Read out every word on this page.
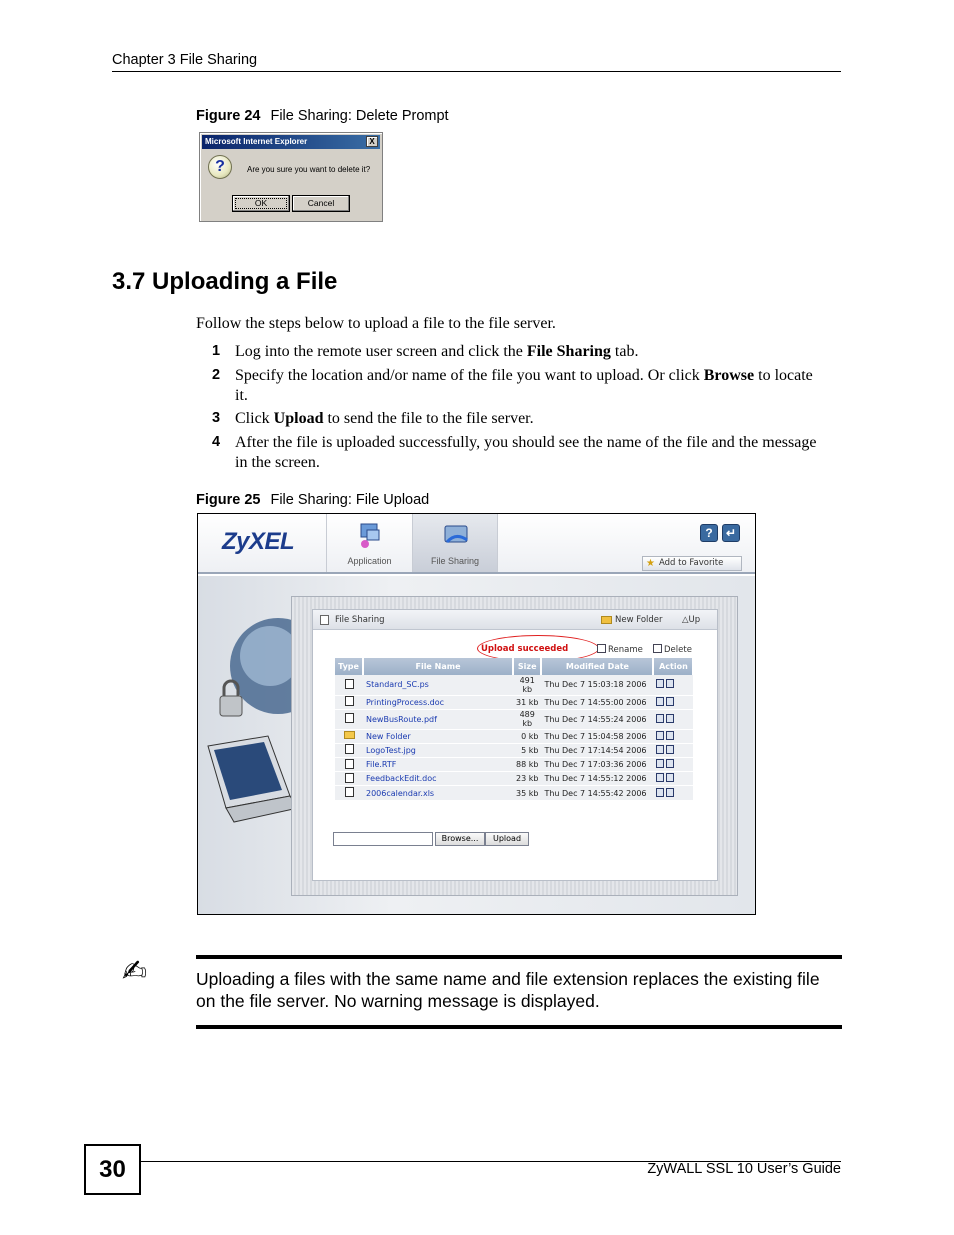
Chapter 3 File Sharing
Figure 24 File Sharing: Delete Prompt
Microsoft Internet Explorer	X
?	Are you sure you want to delete it?
OK	Cancel
3.7 Uploading a File
Follow the steps below to upload a file to the file server.
1 Log into the remote user screen and click the File Sharing tab.
2 Specify the location and/or name of the file you want to upload. Or click Browse to locate it.
3 Click Upload to send the file to the file server.
4 After the file is uploaded successfully, you should see the name of the file and the message in the screen.
Figure 25 File Sharing: File Upload
ZyXEL
Application	File Sharing
?	↵
★ Add to Favorite
File Sharing	New Folder △Up
Upload succeeded	Rename	Delete
Type	File Name	Size	Modified Date	Action
	Standard_SC.ps	491 kb	Thu Dec 7 15:03:18 2006	
	PrintingProcess.doc	31 kb	Thu Dec 7 14:55:00 2006	
	NewBusRoute.pdf	489 kb	Thu Dec 7 14:55:24 2006	
	New Folder	0 kb	Thu Dec 7 15:04:58 2006	
	LogoTest.jpg	5 kb	Thu Dec 7 17:14:54 2006	
	File.RTF	88 kb	Thu Dec 7 17:03:36 2006	
	FeedbackEdit.doc	23 kb	Thu Dec 7 14:55:12 2006	
	2006calendar.xls	35 kb	Thu Dec 7 14:55:42 2006	
Browse...	Upload
✍	Uploading a files with the same name and file extension replaces the existing file on the file server. No warning message is displayed.
30	ZyWALL SSL 10 User’s Guide
